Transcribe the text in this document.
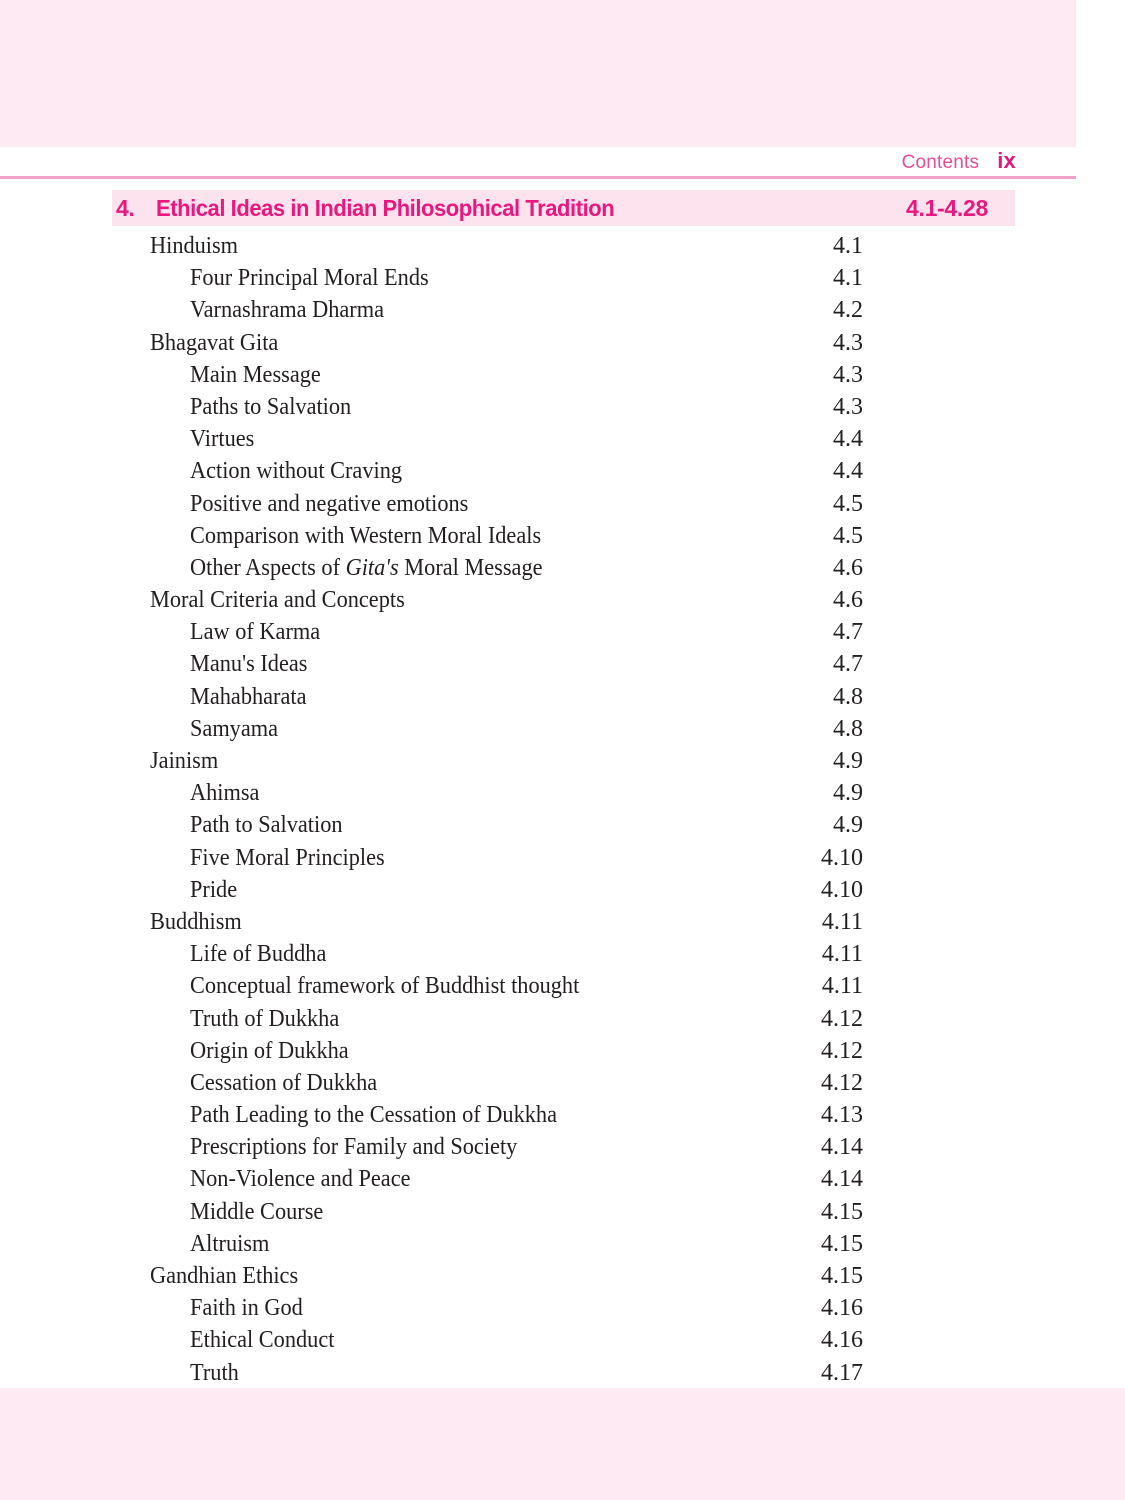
Contents ix
4. Ethical Ideas in Indian Philosophical Tradition	4.1-4.28
Hinduism	4.1
Four Principal Moral Ends	4.1
Varnashrama Dharma	4.2
Bhagavat Gita	4.3
Main Message	4.3
Paths to Salvation	4.3
Virtues	4.4
Action without Craving	4.4
Positive and negative emotions	4.5
Comparison with Western Moral Ideals	4.5
Other Aspects of Gita's Moral Message	4.6
Moral Criteria and Concepts	4.6
Law of Karma	4.7
Manu's Ideas	4.7
Mahabharata	4.8
Samyama	4.8
Jainism	4.9
Ahimsa	4.9
Path to Salvation	4.9
Five Moral Principles	4.10
Pride	4.10
Buddhism	4.11
Life of Buddha	4.11
Conceptual framework of Buddhist thought	4.11
Truth of Dukkha	4.12
Origin of Dukkha	4.12
Cessation of Dukkha	4.12
Path Leading to the Cessation of Dukkha	4.13
Prescriptions for Family and Society	4.14
Non-Violence and Peace	4.14
Middle Course	4.15
Altruism	4.15
Gandhian Ethics	4.15
Faith in God	4.16
Ethical Conduct	4.16
Truth	4.17
